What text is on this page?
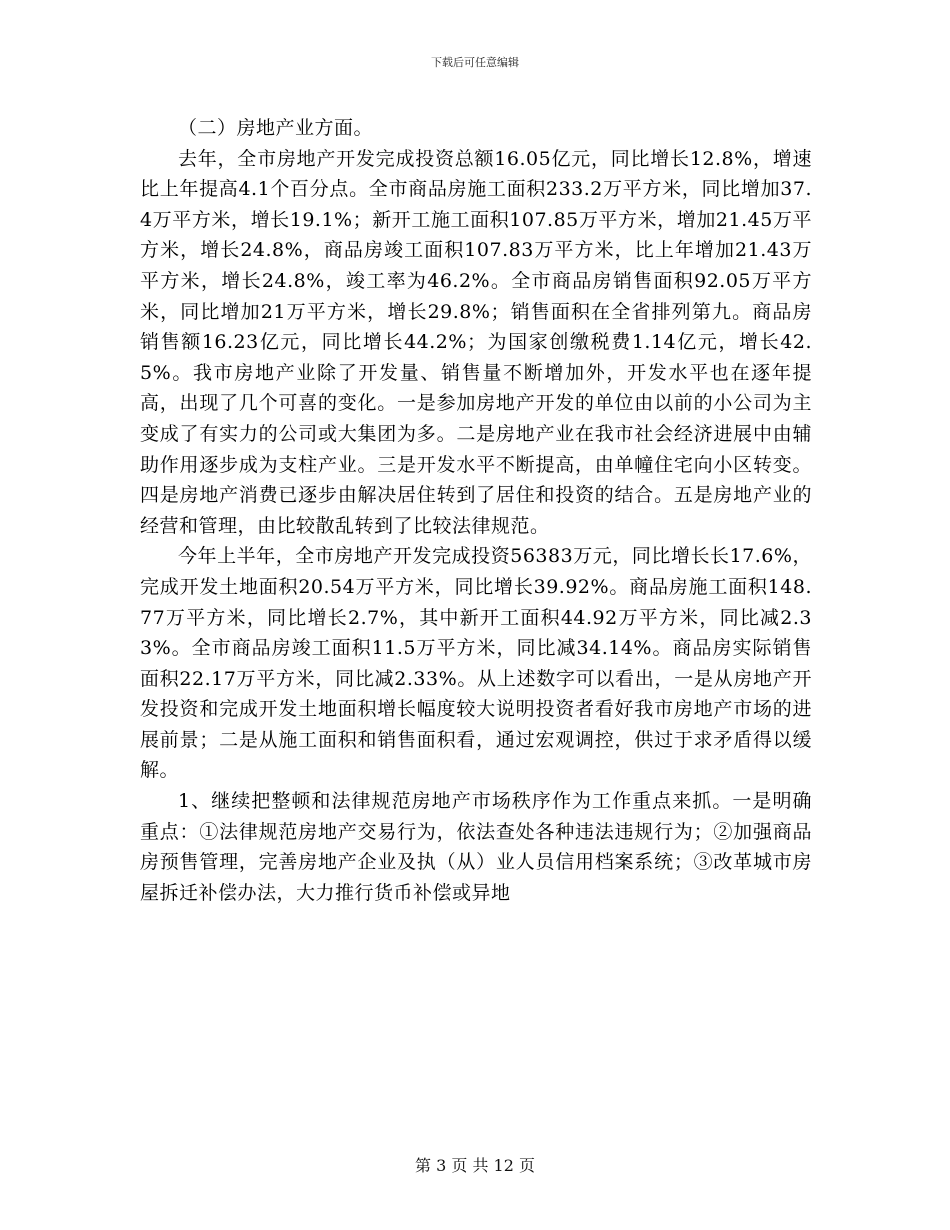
下载后可任意编辑

（二）房地产业方面。

去年，全市房地产开发完成投资总额16.05亿元，同比增长12.8%，增速比上年提高4.1个百分点。全市商品房施工面积233.2万平方米，同比增加37.4万平方米，增长19.1%；新开工施工面积107.85万平方米，增加21.45万平方米，增长24.8%，商品房竣工面积107.83万平方米，比上年增加21.43万平方米，增长24.8%，竣工率为46.2%。全市商品房销售面积92.05万平方米，同比增加21万平方米，增长29.8%；销售面积在全省排列第九。商品房销售额16.23亿元，同比增长44.2%；为国家创缴税费1.14亿元，增长42.5%。我市房地产业除了开发量、销售量不断增加外，开发水平也在逐年提高，出现了几个可喜的变化。一是参加房地产开发的单位由以前的小公司为主变成了有实力的公司或大集团为多。二是房地产业在我市社会经济进展中由辅助作用逐步成为支柱产业。三是开发水平不断提高，由单幢住宅向小区转变。四是房地产消费已逐步由解决居住转到了居住和投资的结合。五是房地产业的经营和管理，由比较散乱转到了比较法律规范。

今年上半年，全市房地产开发完成投资56383万元，同比增长长17.6%，完成开发土地面积20.54万平方米，同比增长39.92%。商品房施工面积148.77万平方米，同比增长2.7%，其中新开工面积44.92万平方米，同比减2.33%。全市商品房竣工面积11.5万平方米，同比减34.14%。商品房实际销售面积22.17万平方米，同比减2.33%。从上述数字可以看出，一是从房地产开发投资和完成开发土地面积增长幅度较大说明投资者看好我市房地产市场的进展前景；二是从施工面积和销售面积看，通过宏观调控，供过于求矛盾得以缓解。

1、继续把整顿和法律规范房地产市场秩序作为工作重点来抓。一是明确重点：①法律规范房地产交易行为，依法查处各种违法违规行为；②加强商品房预售管理，完善房地产企业及执（从）业人员信用档案系统；③改革城市房屋拆迁补偿办法，大力推行货币补偿或异地

第 3 页 共 12 页
